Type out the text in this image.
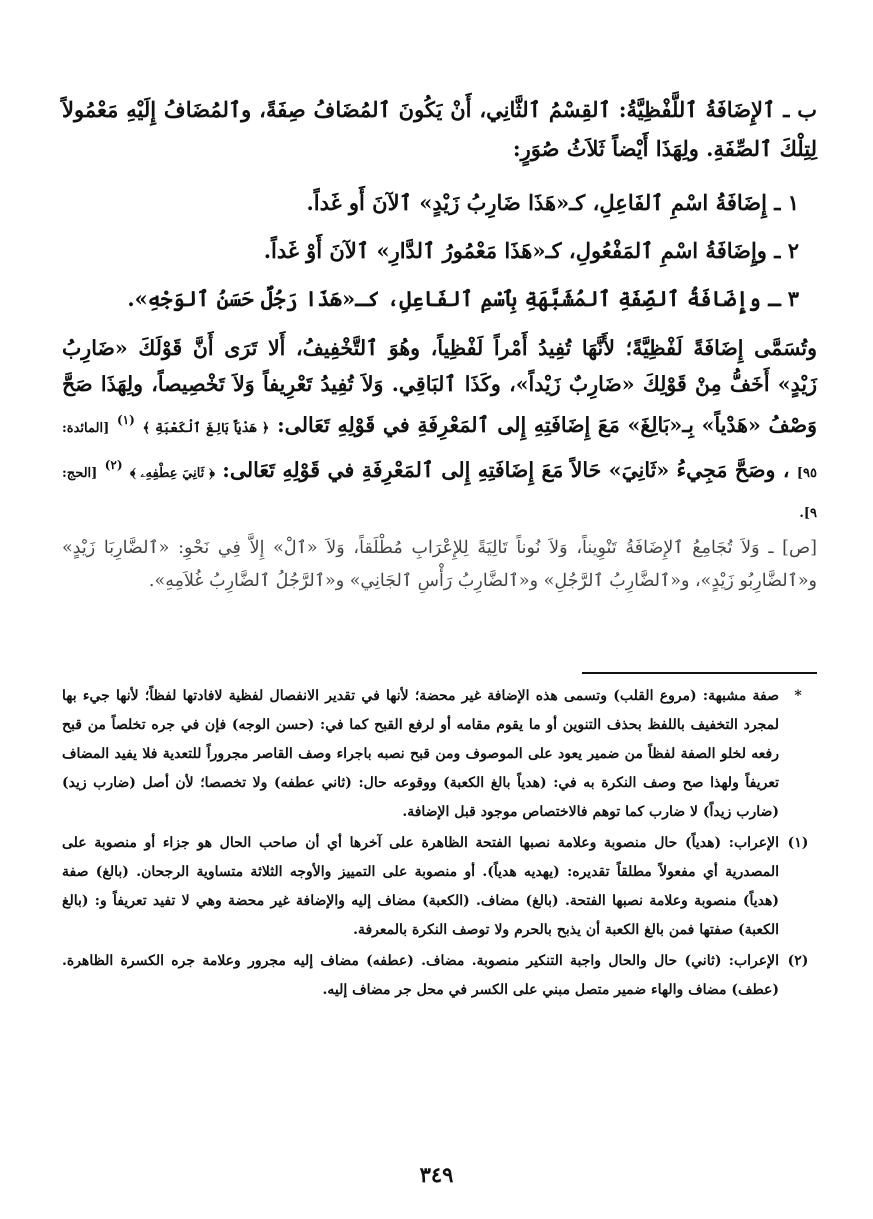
ب ـ ٱلإِضَافَةُ ٱللَّفْظِيَّةُ: ٱلقِسْمُ ٱلثَّانِي، أَنْ يَكُونَ ٱلمُضَافُ صِفَةً، وٱلمُضَافُ إِلَيْهِ مَعْمُولاً لِتِلْكَ ٱلصِّفَةِ. ولِهَذَا أَيْضاً ثَلاَثُ صُوَرٍ:

١ ـ إِضَافَةُ اسْمِ ٱلفَاعِلِ، كـ«هَذَا ضَارِبُ زَيْدٍ» ٱلآنَ أَو غَداً.

٢ ـ وإِضَافَةُ اسْمِ ٱلمَفْعُولِ، كـ«هَذَا مَعْمُورُ ٱلدَّارِ» ٱلآنَ أَوْ غَداً.

٣ ـ وإِضَافَةُ ٱلصِّفَةِ ٱلمُشَبَّهَةِ بِٱسْمِ ٱلفَاعِلِ، كـ«هَذَا رَجُلٌ حَسَنُ ٱلوَجْهِ».

وتُسَمَّى إِضَافَةً لَفْظِيَّةً؛ لأَنَّهَا تُفِيدُ أَمْراً لَفْظِياً، وهُوَ ٱلتَّخْفِيفُ، أَلا تَرَى أَنَّ قَوْلَكَ «ضَارِبُ زَيْدٍ» أَخَفُّ مِنْ قَوْلِكَ «ضَارِبٌ زَيْداً»، وكَذَا ٱلبَاقِي. وَلاَ تُفِيدُ تَعْرِيفاً وَلاَ تَخْصِيصاً، ولِهَذَا صَحَّ وَصْفُ «هَدْياً» بِـ«بَالِغَ» مَعَ إِضَافَتِهِ إِلى ٱلمَعْرِفَةِ في قَوْلِهِ تَعَالى: ﴿ هَدْيَاً بَالِغَ ٱلْكَعْبَةِ ﴾ $^{(١)}$ [المائدة: ٩٥] ، وصَحَّ مَجِيءُ «ثَانِيَ» حَالاً مَعَ إِضَافَتِهِ إِلى ٱلمَعْرِفَةِ في قَوْلِهِ تَعَالى: ﴿ ثَانِيَ عِطْفِهِۦ ﴾ $^{(٢)}$ [الحج: ٩].

[ص] ـ وَلاَ تُجَامِعُ ٱلإِضَافَةُ تَنْوِيناً، وَلاَ نُوناً تَالِيَةً لِلإِعْرَابِ مُطْلَقاً، وَلاَ «ٱلْ» إِلاَّ فِي نَحْوِ: «ٱلضَّارِبَا زَيْدٍ» و«ٱلضَّارِبُو زَيْدٍ»، و«ٱلضَّارِبُ ٱلرَّجُلِ» و«ٱلضَّارِبُ رَأْسِ ٱلجَانِي» و«ٱلرَّجُلُ ٱلضَّارِبُ غُلاَمِهِ».

*
صفة مشبهة: (مروع القلب) وتسمى هذه الإضافة غير محضة؛ لأنها في تقدير الانفصال لفظية لافادتها لفظاً؛ لأنها جيء بها لمجرد التخفيف باللفظ بحذف التنوين أو ما يقوم مقامه أو لرفع القبح كما في: (حسن الوجه) فإن في جره تخلصاً من قبح رفعه لخلو الصفة لفظاً من ضمير يعود على الموصوف ومن قبح نصبه باجراء وصف القاصر مجروراً للتعدية فلا يفيد المضاف تعريفاً ولهذا صح وصف النكرة به في: (هدياً بالغ الكعبة) ووقوعه حال: (ثاني عطفه) ولا تخصصا؛ لأن أصل (ضارب زيد) (ضارب زيداً) لا ضارب كما توهم فالاختصاص موجود قبل الإضافة.
(١)
الإعراب: (هدياً) حال منصوبة وعلامة نصبها الفتحة الظاهرة على آخرها أي أن صاحب الحال هو جزاء أو منصوبة على المصدرية أي مفعولاً مطلقاً تقديره: (يهديه هدياً). أو منصوبة على التمييز والأوجه الثلاثة متساوية الرجحان. (بالغ) صفة (هدياً) منصوبة وعلامة نصبها الفتحة. (بالغ) مضاف. (الكعبة) مضاف إليه والإضافة غير محضة وهي لا تفيد تعريفاً و: (بالغ الكعبة) صفتها فمن بالغ الكعبة أن يذبح بالحرم ولا توصف النكرة بالمعرفة.
(٢)
الإعراب: (ثاني) حال والحال واجبة التنكير منصوبة. مضاف. (عطفه) مضاف إليه مجرور وعلامة جره الكسرة الظاهرة. (عطف) مضاف والهاء ضمير متصل مبني على الكسر في محل جر مضاف إليه.
٣٤٩
